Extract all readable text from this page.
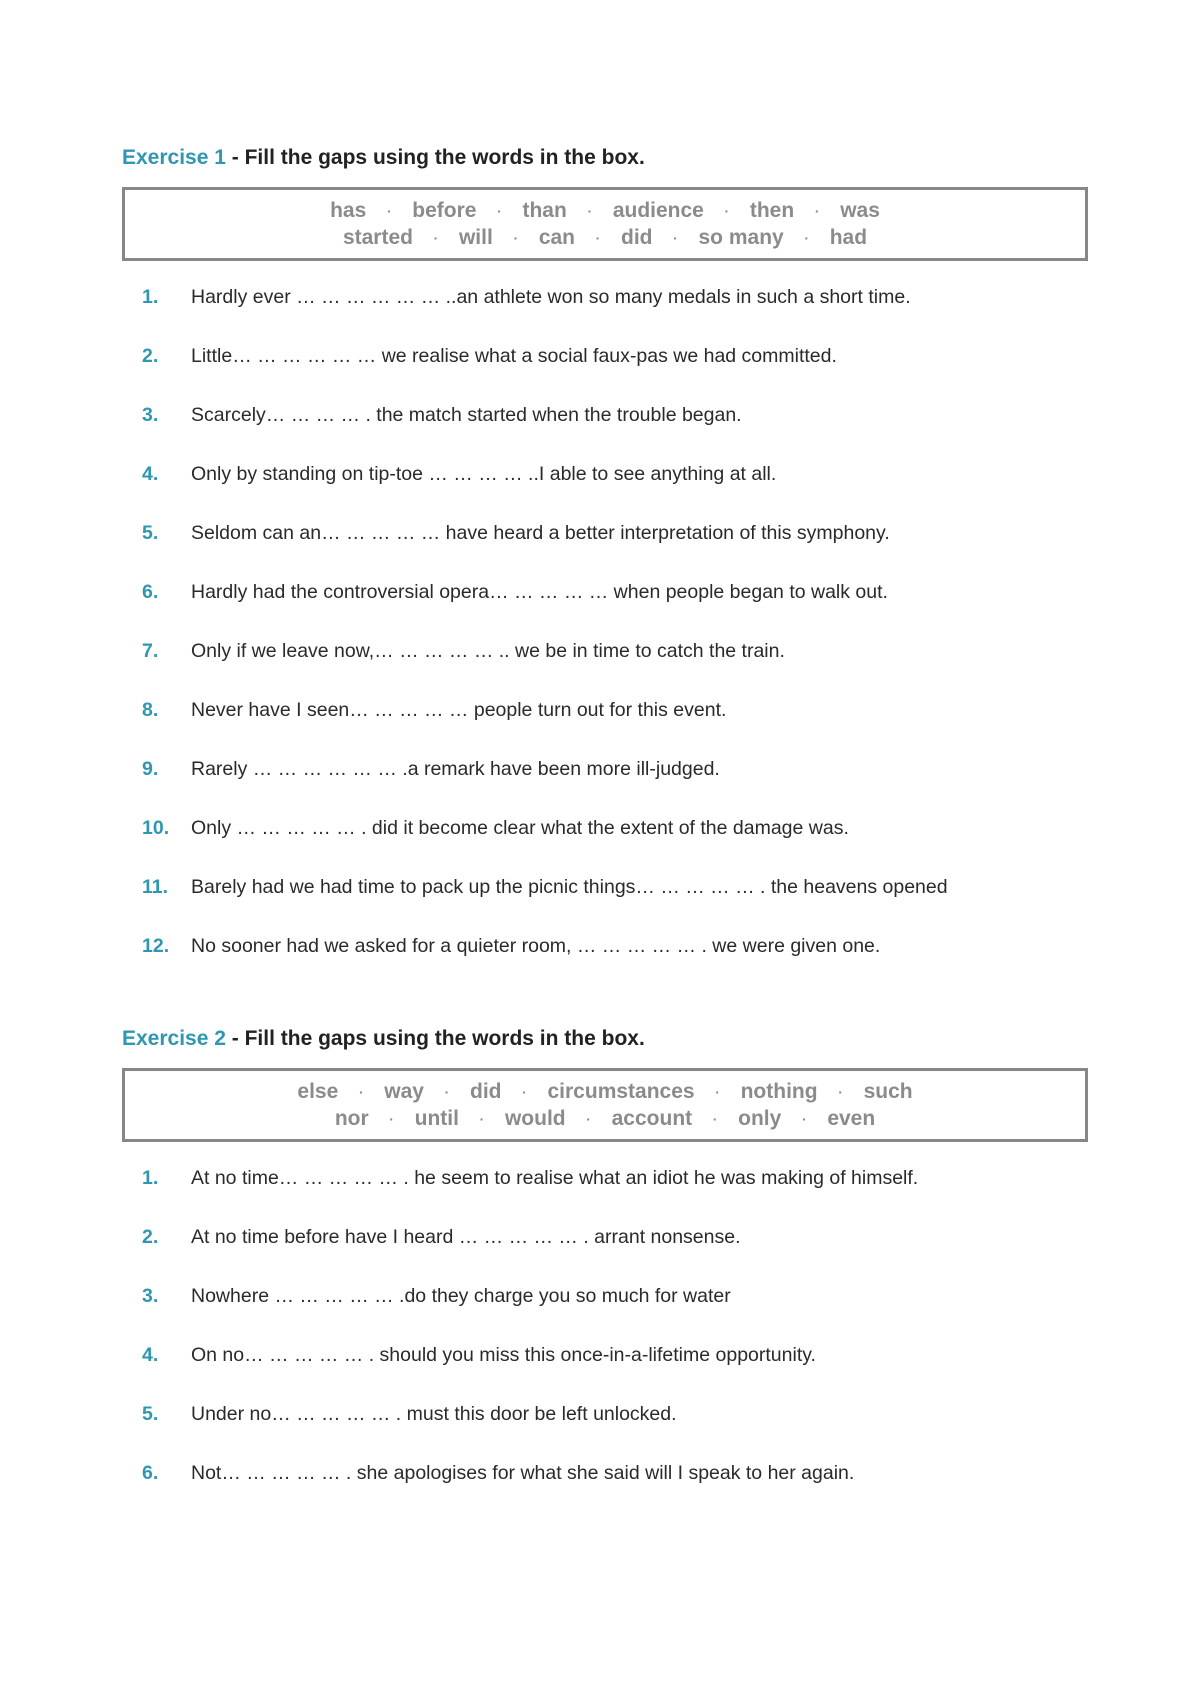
Exercise 1 - Fill the gaps using the words in the box.
has · before · than · audience · then · was
started · will · can · did · so many · had
1.	Hardly ever … … … … … … ..an athlete won so many medals in such a short time.
2.	Little… … … … … … we realise what a social faux-pas we had committed.
3.	Scarcely… … … … . the match started when the trouble began.
4.	Only by standing on tip-toe … … … … ..I able to see anything at all.
5.	Seldom can an… … … … … have heard a better interpretation of this symphony.
6.	Hardly had the controversial opera… … … … … when people began to walk out.
7.	Only if we leave now,… … … … … .. we be in time to catch the train.
8.	Never have I seen… … … … … people turn out for this event.
9.	Rarely … … … … … … .a remark have been more ill-judged.
10.	Only … … … … … . did it become clear what the extent of the damage was.
11.	Barely had we had time to pack up the picnic things… … … … … . the heavens opened
12.	No sooner had we asked for a quieter room, … … … … … . we were given one.
Exercise 2 - Fill the gaps using the words in the box.
else · way · did · circumstances · nothing · such
nor · until · would · account · only · even
1.	At no time… … … … … . he seem to realise what an idiot he was making of himself.
2.	At no time before have I heard … … … … … . arrant nonsense.
3.	Nowhere … … … … … .do they charge you so much for water
4.	On no… … … … … . should you miss this once-in-a-lifetime opportunity.
5.	Under no… … … … … . must this door be left unlocked.
6.	Not… … … … … . she apologises for what she said will I speak to her again.
